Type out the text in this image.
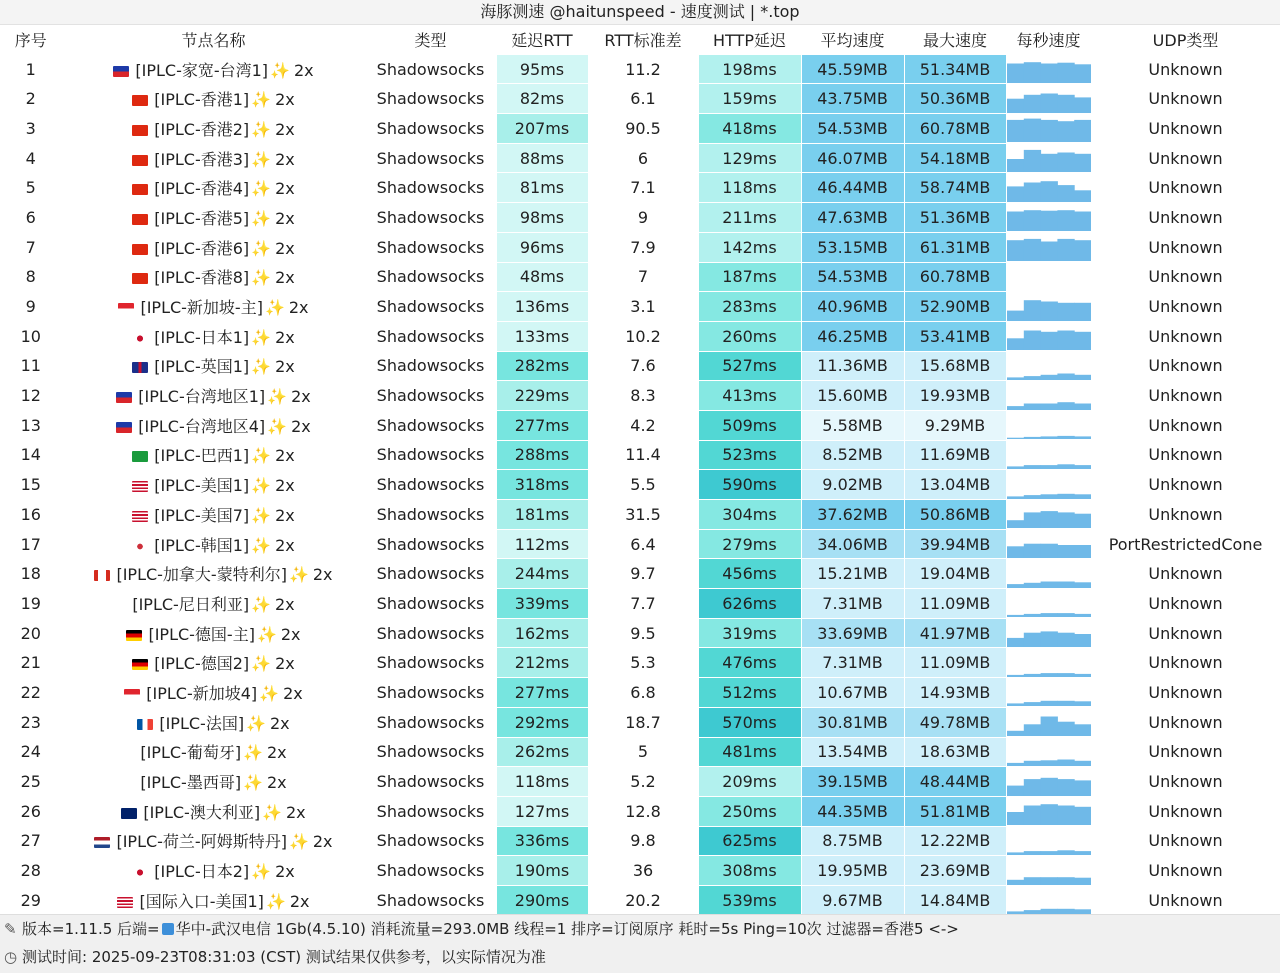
海豚测速 @haitunspeed - 速度测试 | *.top
序号	节点名称	类型	延迟RTT	RTT标准差	HTTP延迟	平均速度	最大速度	每秒速度	UDP类型
1	[IPLC-家宽-台湾1] ✨ 2x	Shadowsocks	95ms	11.2	198ms	45.59MB	51.34MB		Unknown
2	[IPLC-香港1] ✨ 2x	Shadowsocks	82ms	6.1	159ms	43.75MB	50.36MB		Unknown
3	[IPLC-香港2] ✨ 2x	Shadowsocks	207ms	90.5	418ms	54.53MB	60.78MB		Unknown
4	[IPLC-香港3] ✨ 2x	Shadowsocks	88ms	6	129ms	46.07MB	54.18MB		Unknown
5	[IPLC-香港4] ✨ 2x	Shadowsocks	81ms	7.1	118ms	46.44MB	58.74MB		Unknown
6	[IPLC-香港5] ✨ 2x	Shadowsocks	98ms	9	211ms	47.63MB	51.36MB		Unknown
7	[IPLC-香港6] ✨ 2x	Shadowsocks	96ms	7.9	142ms	53.15MB	61.31MB		Unknown
8	[IPLC-香港8] ✨ 2x	Shadowsocks	48ms	7	187ms	54.53MB	60.78MB		Unknown
9	[IPLC-新加坡-主] ✨ 2x	Shadowsocks	136ms	3.1	283ms	40.96MB	52.90MB		Unknown
10	[IPLC-日本1] ✨ 2x	Shadowsocks	133ms	10.2	260ms	46.25MB	53.41MB		Unknown
11	[IPLC-英国1] ✨ 2x	Shadowsocks	282ms	7.6	527ms	11.36MB	15.68MB		Unknown
12	[IPLC-台湾地区1] ✨ 2x	Shadowsocks	229ms	8.3	413ms	15.60MB	19.93MB		Unknown
13	[IPLC-台湾地区4] ✨ 2x	Shadowsocks	277ms	4.2	509ms	5.58MB	9.29MB		Unknown
14	[IPLC-巴西1] ✨ 2x	Shadowsocks	288ms	11.4	523ms	8.52MB	11.69MB		Unknown
15	[IPLC-美国1] ✨ 2x	Shadowsocks	318ms	5.5	590ms	9.02MB	13.04MB		Unknown
16	[IPLC-美国7] ✨ 2x	Shadowsocks	181ms	31.5	304ms	37.62MB	50.86MB		Unknown
17	[IPLC-韩国1] ✨ 2x	Shadowsocks	112ms	6.4	279ms	34.06MB	39.94MB		PortRestrictedCone
18	[IPLC-加拿大-蒙特利尔] ✨ 2x	Shadowsocks	244ms	9.7	456ms	15.21MB	19.04MB		Unknown
19	[IPLC-尼日利亚] ✨ 2x	Shadowsocks	339ms	7.7	626ms	7.31MB	11.09MB		Unknown
20	[IPLC-德国-主] ✨ 2x	Shadowsocks	162ms	9.5	319ms	33.69MB	41.97MB		Unknown
21	[IPLC-德国2] ✨ 2x	Shadowsocks	212ms	5.3	476ms	7.31MB	11.09MB		Unknown
22	[IPLC-新加坡4] ✨ 2x	Shadowsocks	277ms	6.8	512ms	10.67MB	14.93MB		Unknown
23	[IPLC-法国] ✨ 2x	Shadowsocks	292ms	18.7	570ms	30.81MB	49.78MB		Unknown
24	[IPLC-葡萄牙] ✨ 2x	Shadowsocks	262ms	5	481ms	13.54MB	18.63MB		Unknown
25	[IPLC-墨西哥] ✨ 2x	Shadowsocks	118ms	5.2	209ms	39.15MB	48.44MB		Unknown
26	[IPLC-澳大利亚] ✨ 2x	Shadowsocks	127ms	12.8	250ms	44.35MB	51.81MB		Unknown
27	[IPLC-荷兰-阿姆斯特丹] ✨ 2x	Shadowsocks	336ms	9.8	625ms	8.75MB	12.22MB		Unknown
28	[IPLC-日本2] ✨ 2x	Shadowsocks	190ms	36	308ms	19.95MB	23.69MB		Unknown
29	[国际入口-美国1] ✨ 2x	Shadowsocks	290ms	20.2	539ms	9.67MB	14.84MB		Unknown
✎ 版本=1.11.5 后端= 华中-武汉电信 1Gb(4.5.10) 消耗流量=293.0MB 线程=1 排序=订阅原序 耗时=5s Ping=10次 过滤器=香港5 <->
◷ 测试时间: 2025-09-23T08:31:03 (CST) 测试结果仅供参考，以实际情况为准
